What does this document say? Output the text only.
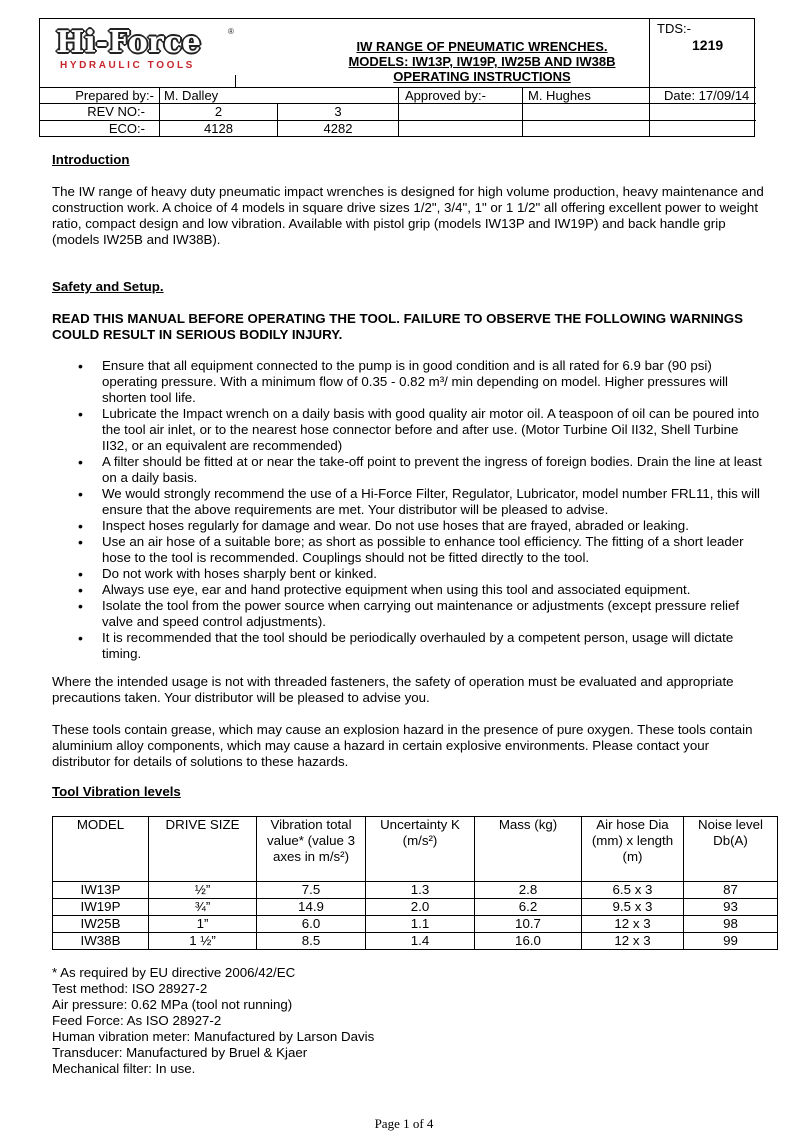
Hi-Force	®
HYDRAULIC TOOLS
IW RANGE OF PNEUMATIC WRENCHES.
MODELS: IW13P, IW19P, IW25B AND IW38B
OPERATING INSTRUCTIONS
TDS:-
1219
Prepared by:- M. Dalley	Approved by:-	M. Hughes	Date: 17/09/14
REV NO:-	2	3
ECO:-	4128	4282
Introduction
The IW range of heavy duty pneumatic impact wrenches is designed for high volume production, heavy maintenance and construction work. A choice of 4 models in square drive sizes 1/2", 3/4", 1" or 1 1/2" all offering excellent power to weight ratio, compact design and low vibration. Available with pistol grip (models IW13P and IW19P) and back handle grip (models IW25B and IW38B).
Safety and Setup.
READ THIS MANUAL BEFORE OPERATING THE TOOL. FAILURE TO OBSERVE THE FOLLOWING WARNINGS COULD RESULT IN SERIOUS BODILY INJURY.
• Ensure that all equipment connected to the pump is in good condition and is all rated for 6.9 bar (90 psi) operating pressure. With a minimum flow of 0.35 - 0.82 m³/ min depending on model. Higher pressures will shorten tool life.
• Lubricate the Impact wrench on a daily basis with good quality air motor oil. A teaspoon of oil can be poured into the tool air inlet, or to the nearest hose connector before and after use. (Motor Turbine Oil II32, Shell Turbine II32, or an equivalent are recommended)
• A filter should be fitted at or near the take-off point to prevent the ingress of foreign bodies. Drain the line at least on a daily basis.
• We would strongly recommend the use of a Hi-Force Filter, Regulator, Lubricator, model number FRL11, this will ensure that the above requirements are met. Your distributor will be pleased to advise.
• Inspect hoses regularly for damage and wear. Do not use hoses that are frayed, abraded or leaking.
• Use an air hose of a suitable bore; as short as possible to enhance tool efficiency. The fitting of a short leader hose to the tool is recommended. Couplings should not be fitted directly to the tool.
• Do not work with hoses sharply bent or kinked.
• Always use eye, ear and hand protective equipment when using this tool and associated equipment.
• Isolate the tool from the power source when carrying out maintenance or adjustments (except pressure relief valve and speed control adjustments).
• It is recommended that the tool should be periodically overhauled by a competent person, usage will dictate timing.
Where the intended usage is not with threaded fasteners, the safety of operation must be evaluated and appropriate precautions taken. Your distributor will be pleased to advise you.
These tools contain grease, which may cause an explosion hazard in the presence of pure oxygen. These tools contain aluminium alloy components, which may cause a hazard in certain explosive environments. Please contact your distributor for details of solutions to these hazards.
Tool Vibration levels
MODEL	DRIVE SIZE	Vibration total value* (value 3 axes in m/s²)	Uncertainty K (m/s²)	Mass (kg)	Air hose Dia (mm) x length (m)	Noise level Db(A)
IW13P	½”	7.5	1.3	2.8	6.5 x 3	87
IW19P	¾”	14.9	2.0	6.2	9.5 x 3	93
IW25B	1”	6.0	1.1	10.7	12 x 3	98
IW38B	1 ½”	8.5	1.4	16.0	12 x 3	99
* As required by EU directive 2006/42/EC
Test method: ISO 28927-2
Air pressure: 0.62 MPa (tool not running)
Feed Force: As ISO 28927-2
Human vibration meter: Manufactured by Larson Davis
Transducer: Manufactured by Bruel & Kjaer
Mechanical filter: In use.
Page 1 of 4
